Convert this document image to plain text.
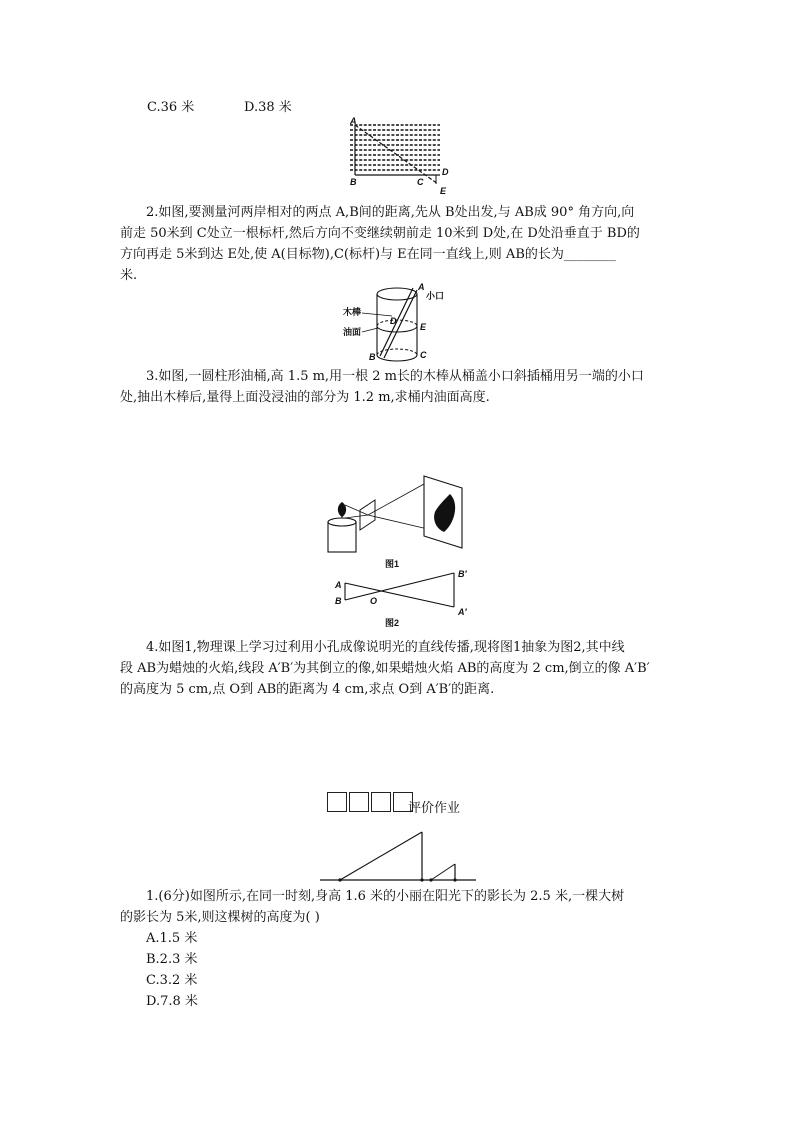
C.36 米	D.38 米
A
B	C
D
E

2.如图,要测量河两岸相对的两点 A,B间的距离,先从 B处出发,与 AB成 90° 角方向,向

前走 50米到 C处立一根标杆,然后方向不变继续朝前走 10米到 D处,在 D处沿垂直于 BD的

方向再走 5米到达 E处,使 A(目标物),C(标杆)与 E在同一直线上,则 AB的长为________

米.

A
小口
木棒
油面
D
E
B	C

3.如图,一圆柱形油桶,高 1.5 m,用一根 2 m长的木棒从桶盖小口斜插桶用另一端的小口

处,抽出木棒后,量得上面没浸油的部分为 1.2 m,求桶内油面高度.

图1
A
B	O
B′
A′
图2

4.如图1,物理课上学习过利用小孔成像说明光的直线传播,现将图1抽象为图2,其中线

段 AB为蜡烛的火焰,线段 A′B′为其倒立的像,如果蜡烛火焰 AB的高度为 2 cm,倒立的像 A′B′

的高度为 5 cm,点 O到 AB的距离为 4 cm,求点 O到 A′B′的距离.

评价作业

1.(6分)如图所示,在同一时刻,身高 1.6 米的小丽在阳光下的影长为 2.5 米,一棵大树

的影长为 5米,则这棵树的高度为( )

A.1.5 米

B.2.3 米

C.3.2 米

D.7.8 米
